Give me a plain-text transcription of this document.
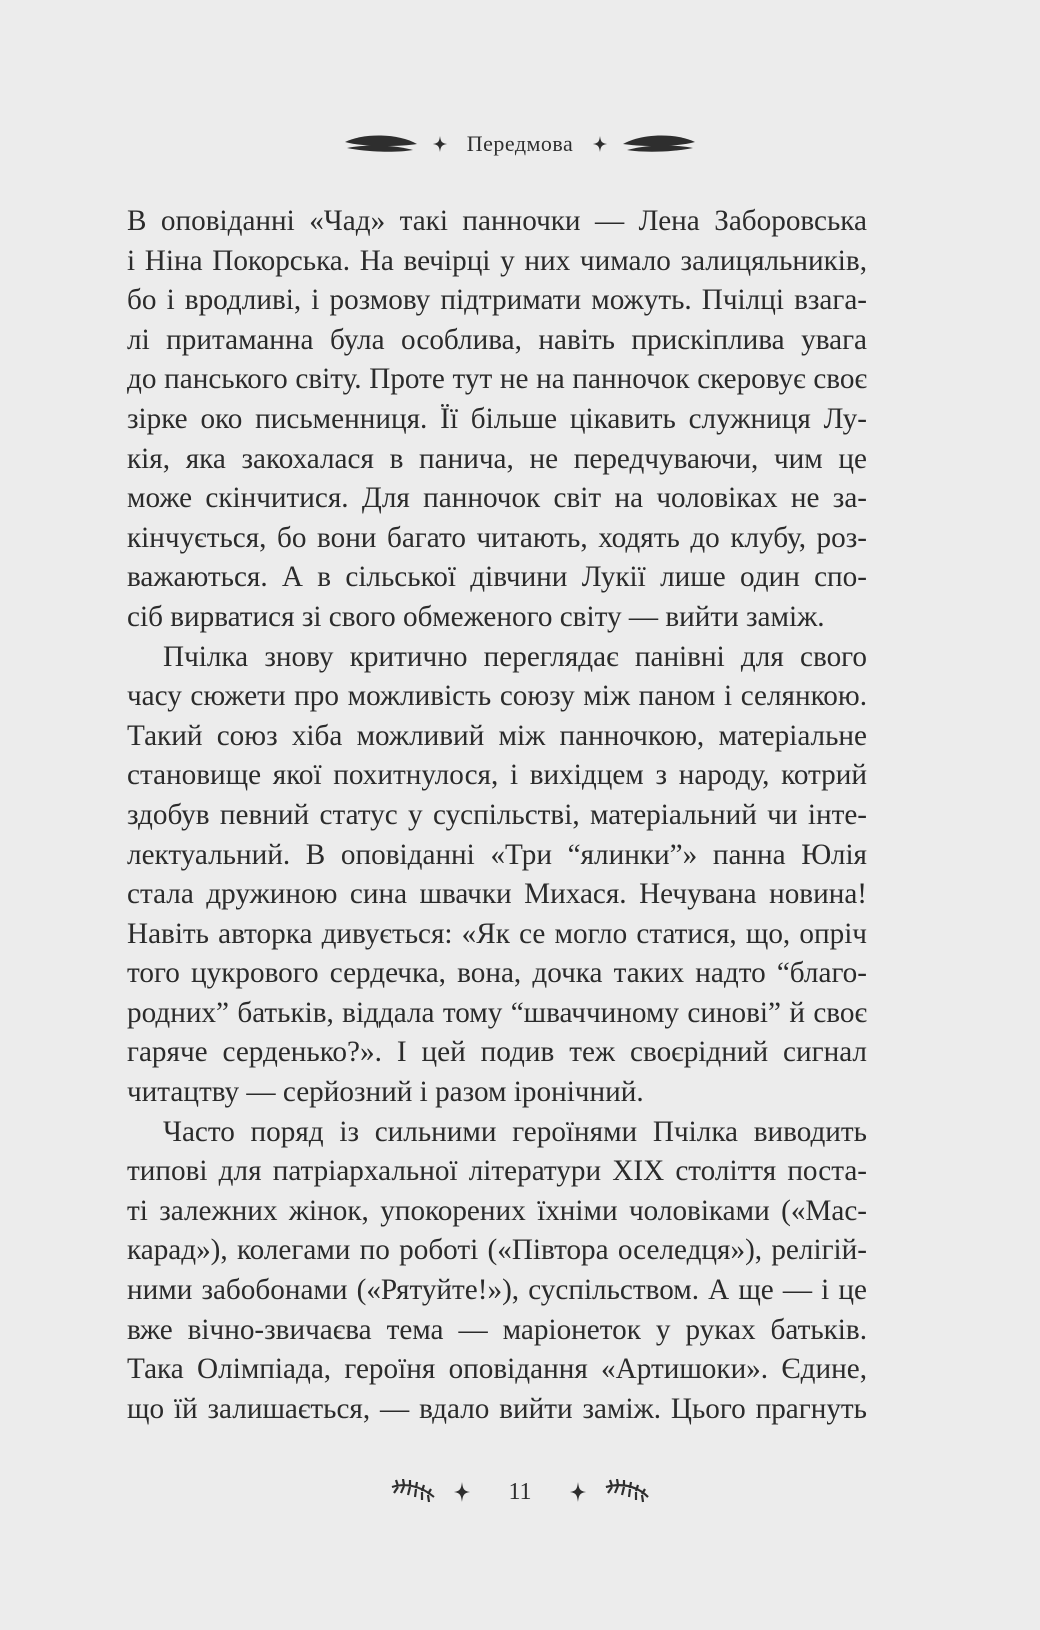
Передмова

В оповіданні «Чад» такі панночки — Лена Заборовська
і Ніна Покорська. На вечірці у них чимало залицяльників,
бо і вродливі, і розмову підтримати можуть. Пчілці взага-
лі притаманна була особлива, навіть прискіплива увага
до панського світу. Проте тут не на панночок скеровує своє
зірке око письменниця. Її більше цікавить служниця Лу-
кія, яка закохалася в панича, не передчуваючи, чим це
може скінчитися. Для панночок світ на чоловіках не за-
кінчується, бо вони багато читають, ходять до клубу, роз-
важаються. А в сільської дівчини Лукії лише один спо-
сіб вирватися зі свого обмеженого світу — вийти заміж.

Пчілка знову критично переглядає панівні для свого
часу сюжети про можливість союзу між паном і селянкою.
Такий союз хіба можливий між панночкою, матеріальне
становище якої похитнулося, і вихідцем з народу, котрий
здобув певний статус у суспільстві, матеріальний чи інте-
лектуальний. В оповіданні «Три “ялинки”» панна Юлія
стала дружиною сина швачки Михася. Нечувана новина!
Навіть авторка дивується: «Як се могло статися, що, опріч
того цукрового сердечка, вона, дочка таких надто “благо-
родних” батьків, віддала тому “шваччиному синові” й своє
гаряче серденько?». І цей подив теж своєрідний сигнал
читацтву — серйозний і разом іронічний.

Часто поряд із сильними героїнями Пчілка виводить
типові для патріархальної літератури XIX століття поста-
ті залежних жінок, упокорених їхніми чоловіками («Мас-
карад»), колегами по роботі («Півтора оселедця»), релігій-
ними забобонами («Рятуйте!»), суспільством. А ще — і це
вже вічно-звичаєва тема — маріонеток у руках батьків.
Така Олімпіада, героїня оповідання «Артишоки». Єдине,
що їй залишається, — вдало вийти заміж. Цього прагнуть

11
